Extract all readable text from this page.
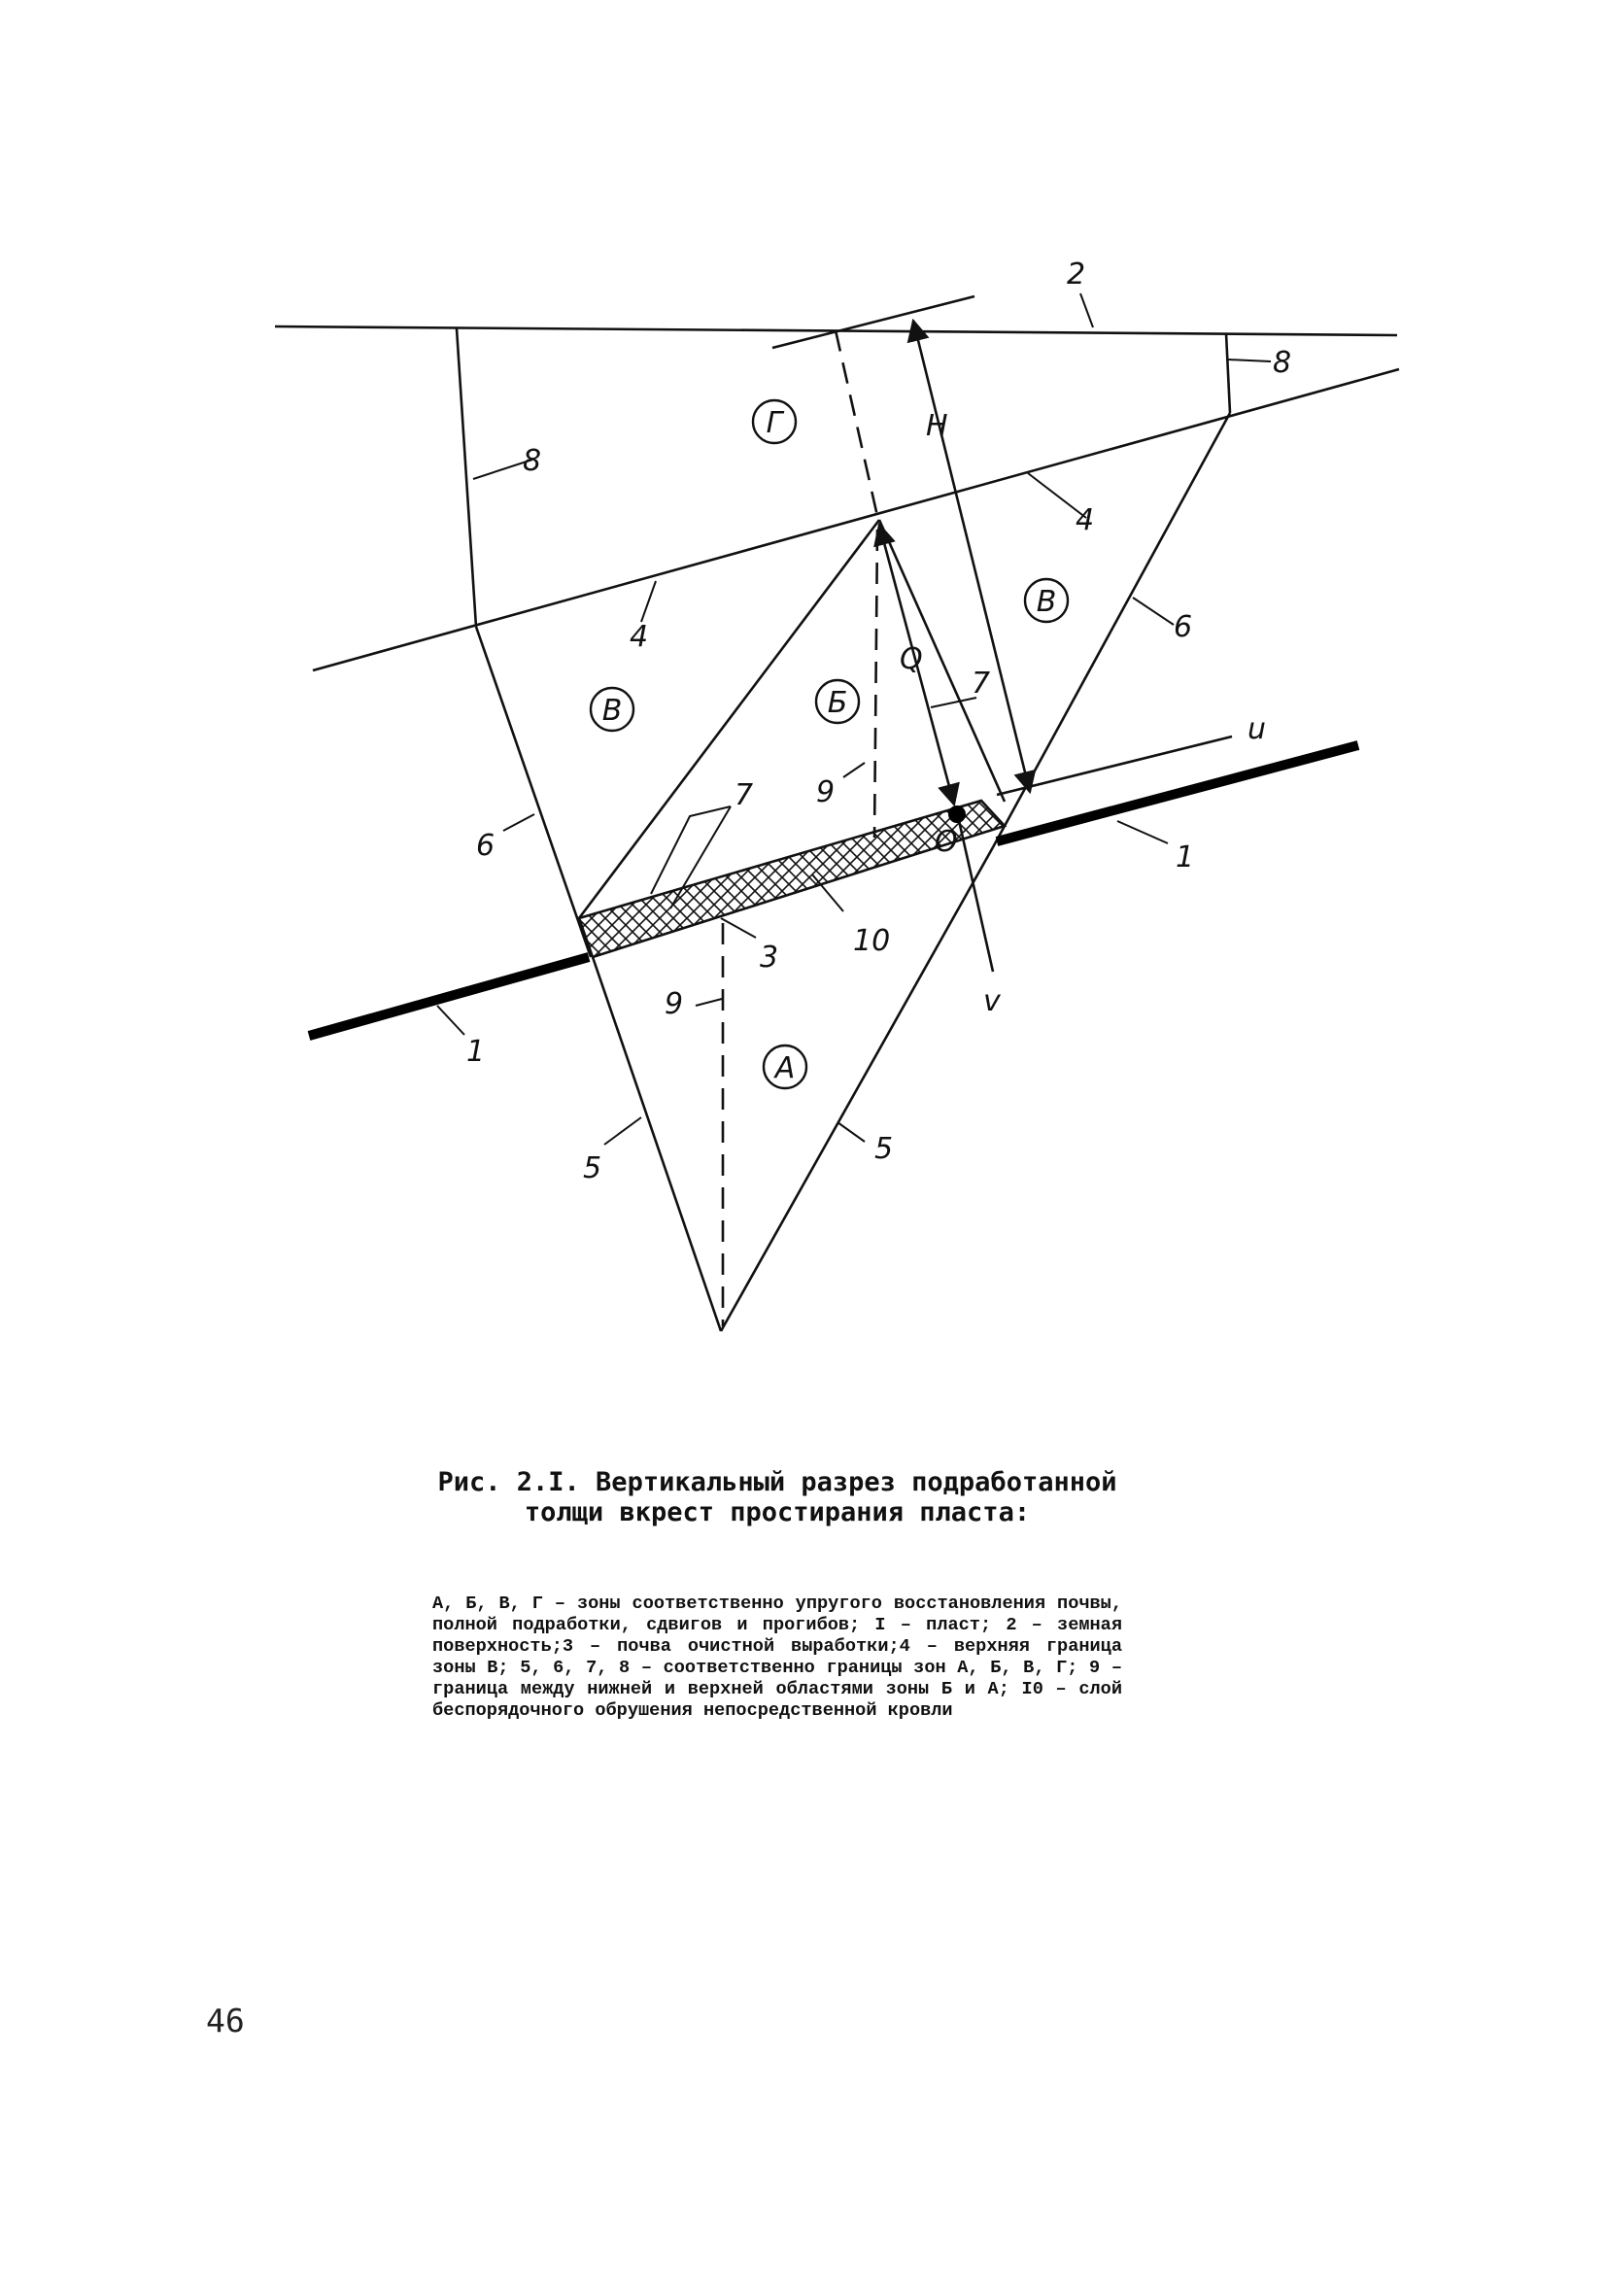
Г
В
В	Б
А
2
8
8
4
4	6
6
7
7
9
9
3	10
1
1
5
5
H
Q
O
u
v
Рис. 2.I. Вертикальный разрез подработанной
толщи вкрест простирания пласта:
А, Б, В, Г – зоны соответственно упругого восстановления почвы, полной подработки, сдвигов и прогибов; I – пласт; 2 – земная поверхность;3 – почва очистной выработки;4 – верхняя граница зоны В; 5, 6, 7, 8 – соответственно границы зон А, Б, В, Г; 9 – граница между нижней и верхней областями зоны Б и А; I0 – слой беспорядочного обрушения непосредственной кровли
46
